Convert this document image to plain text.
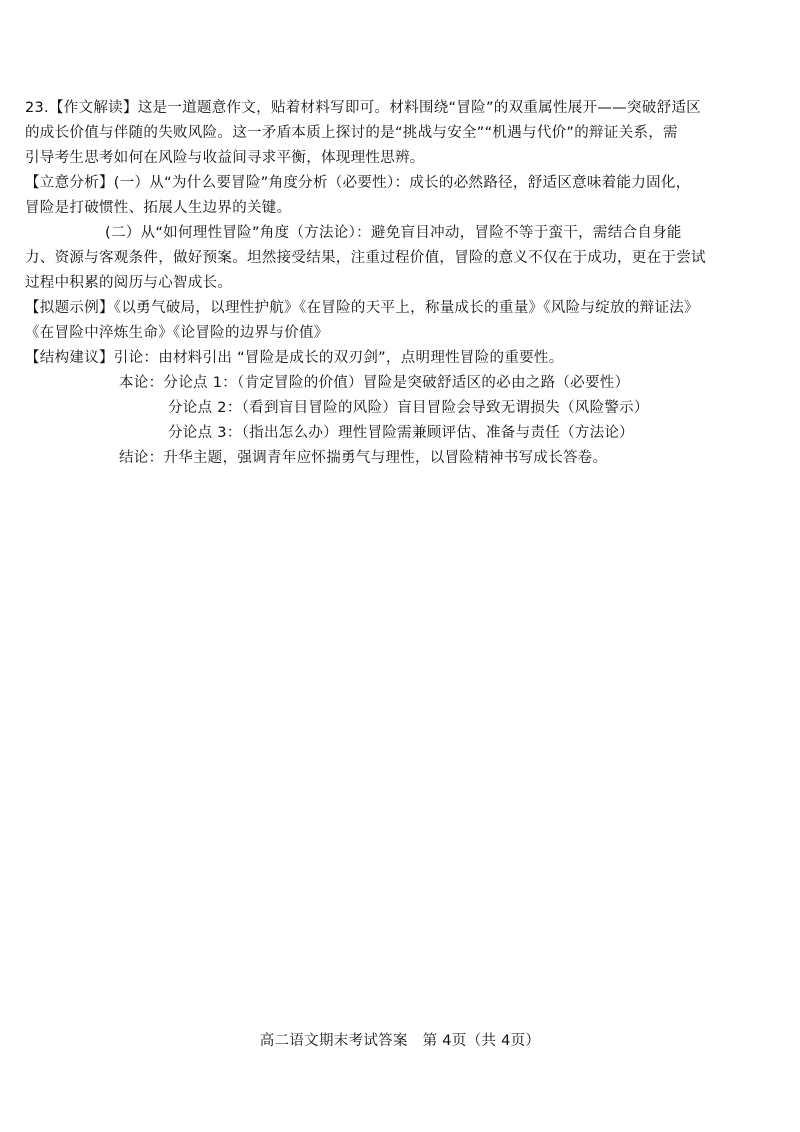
23.【作文解读】这是一道题意作文，贴着材料写即可。材料围绕“冒险”的双重属性展开——突破舒适区

的成长价值与伴随的失败风险。这一矛盾本质上探讨的是“挑战与安全”“机遇与代价”的辩证关系，需

引导考生思考如何在风险与收益间寻求平衡，体现理性思辨。

【立意分析】(一）从“为什么要冒险”角度分析（必要性）：成长的必然路径，舒适区意味着能力固化，

冒险是打破惯性、拓展人生边界的关键。

(二）从“如何理性冒险”角度（方法论）：避免盲目冲动，冒险不等于蛮干，需结合自身能

力、资源与客观条件，做好预案。坦然接受结果，注重过程价值，冒险的意义不仅在于成功，更在于尝试

过程中积累的阅历与心智成长。

【拟题示例】《以勇气破局，以理性护航》《在冒险的天平上，称量成长的重量》《风险与绽放的辩证法》

《在冒险中淬炼生命》《论冒险的边界与价值》

【结构建议】引论：由材料引出 “冒险是成长的双刃剑”，点明理性冒险的重要性。

本论：分论点 1：（肯定冒险的价值）冒险是突破舒适区的必由之路（必要性）

分论点 2：（看到盲目冒险的风险）盲目冒险会导致无谓损失（风险警示）

分论点 3：（指出怎么办）理性冒险需兼顾评估、准备与责任（方法论）

结论：升华主题，强调青年应怀揣勇气与理性，以冒险精神书写成长答卷。

高二语文期末考试答案　第 4页（共 4页）
